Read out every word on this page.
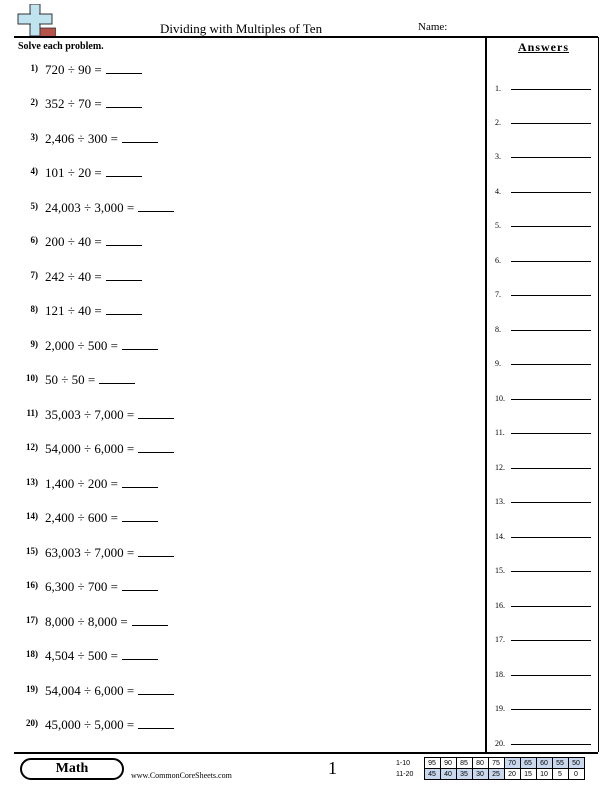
Dividing with Multiples of Ten	Name:
Solve each problem.
1) 720 ÷ 90 =
2) 352 ÷ 70 =
3) 2,406 ÷ 300 =
4) 101 ÷ 20 =
5) 24,003 ÷ 3,000 =
6) 200 ÷ 40 =
7) 242 ÷ 40 =
8) 121 ÷ 40 =
9) 2,000 ÷ 500 =
10) 50 ÷ 50 =
11) 35,003 ÷ 7,000 =
12) 54,000 ÷ 6,000 =
13) 1,400 ÷ 200 =
14) 2,400 ÷ 600 =
15) 63,003 ÷ 7,000 =
16) 6,300 ÷ 700 =
17) 8,000 ÷ 8,000 =
18) 4,504 ÷ 500 =
19) 54,004 ÷ 6,000 =
20) 45,000 ÷ 5,000 =
Answers
1.
2.
3.
4.
5.
6.
7.
8.
9.
10.
11.
12.
13.
14.
15.
16.
17.
18.
19.
20.
Math	www.CommonCoreSheets.com	1	1-10	95	90	85	80	75	70	65	60	55	50
11-20	45	40	35	30	25	20	15	10	5	0
